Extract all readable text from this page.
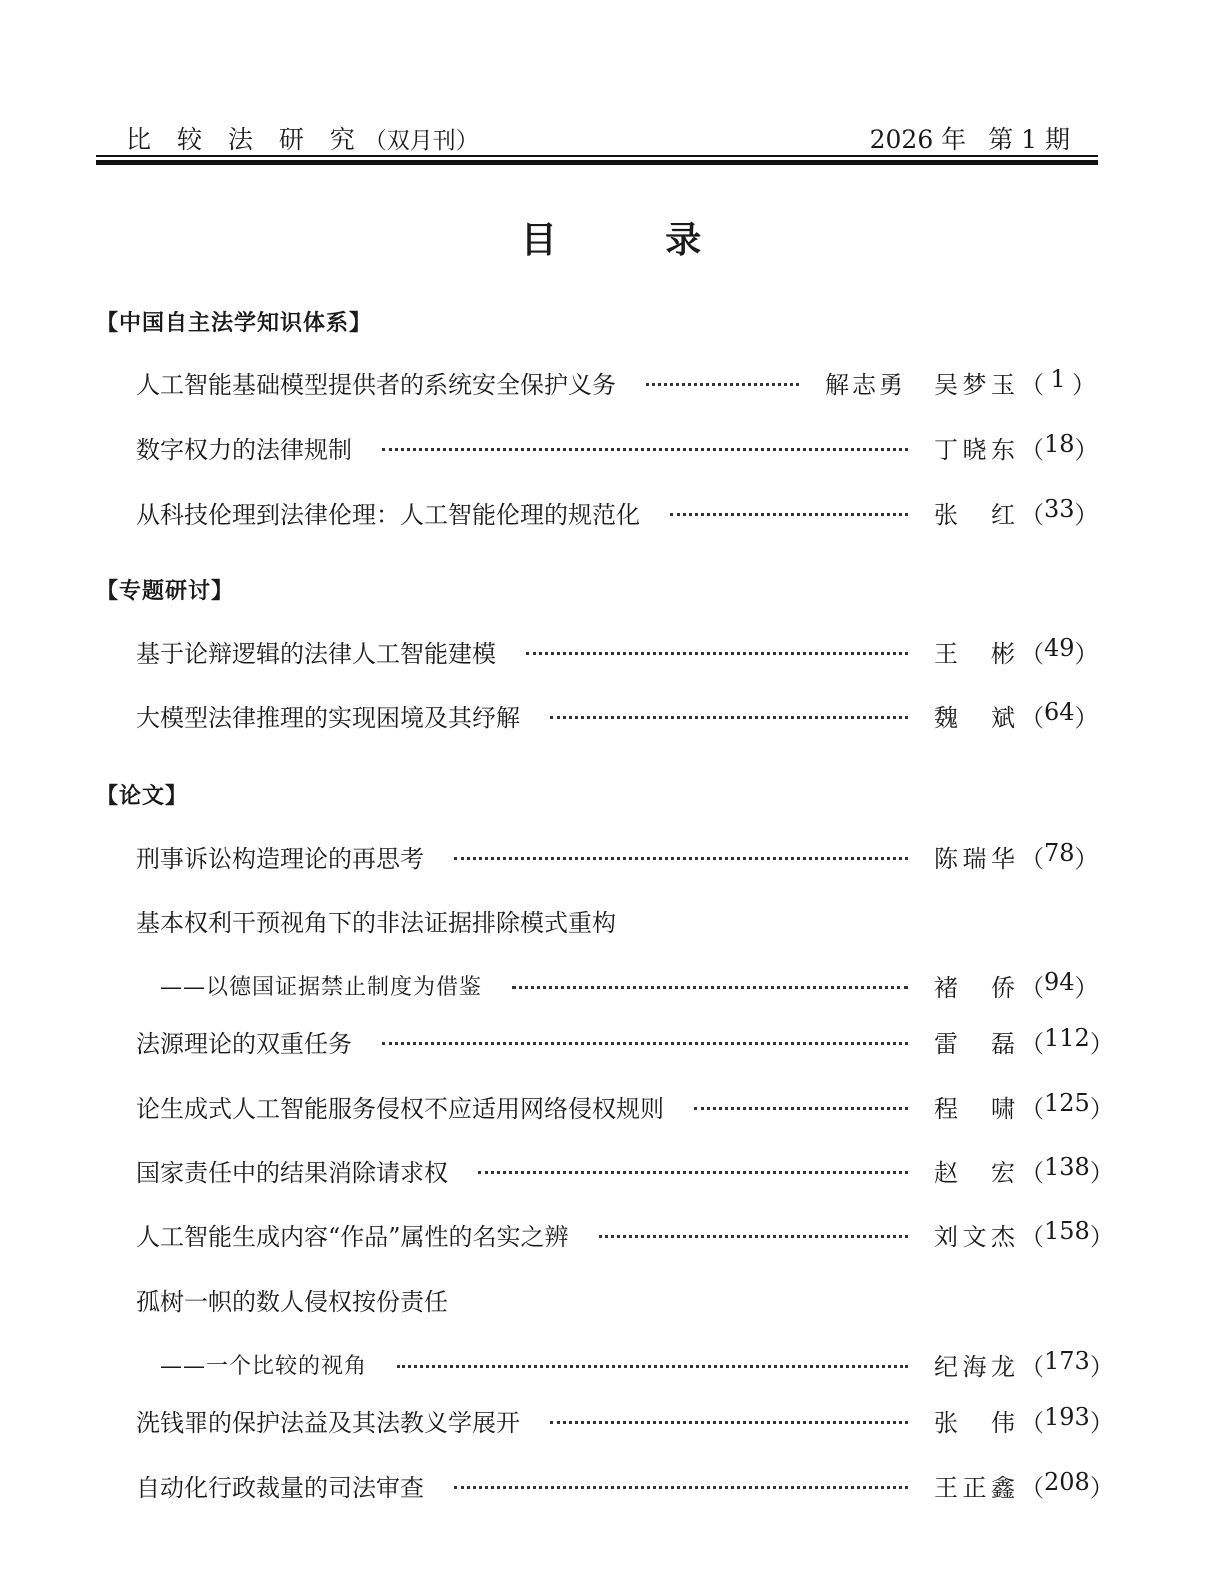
比 较 法 研 究（双月刊）	2026 年 第 1 期
目 录
【中国自主法学知识体系】
人工智能基础模型提供者的系统安全保护义务	解志勇 吴梦玉 （ 1 ）
数字权力的法律规制	丁晓东 （ 18 ）
从科技伦理到法律伦理：人工智能伦理的规范化	张　红 （ 33 ）
【专题研讨】
基于论辩逻辑的法律人工智能建模	王　彬 （ 49 ）
大模型法律推理的实现困境及其纾解	魏　斌 （ 64 ）
【论文】
刑事诉讼构造理论的再思考	陈瑞华 （ 78 ）
基本权利干预视角下的非法证据排除模式重构
——以德国证据禁止制度为借鉴	褚　侨 （ 94 ）
法源理论的双重任务	雷　磊 （ 112 ）
论生成式人工智能服务侵权不应适用网络侵权规则	程　啸 （ 125 ）
国家责任中的结果消除请求权	赵　宏 （ 138 ）
人工智能生成内容“作品”属性的名实之辨	刘文杰 （ 158 ）
孤树一帜的数人侵权按份责任
——一个比较的视角	纪海龙 （ 173 ）
洗钱罪的保护法益及其法教义学展开	张　伟 （ 193 ）
自动化行政裁量的司法审查	王正鑫 （ 208 ）
